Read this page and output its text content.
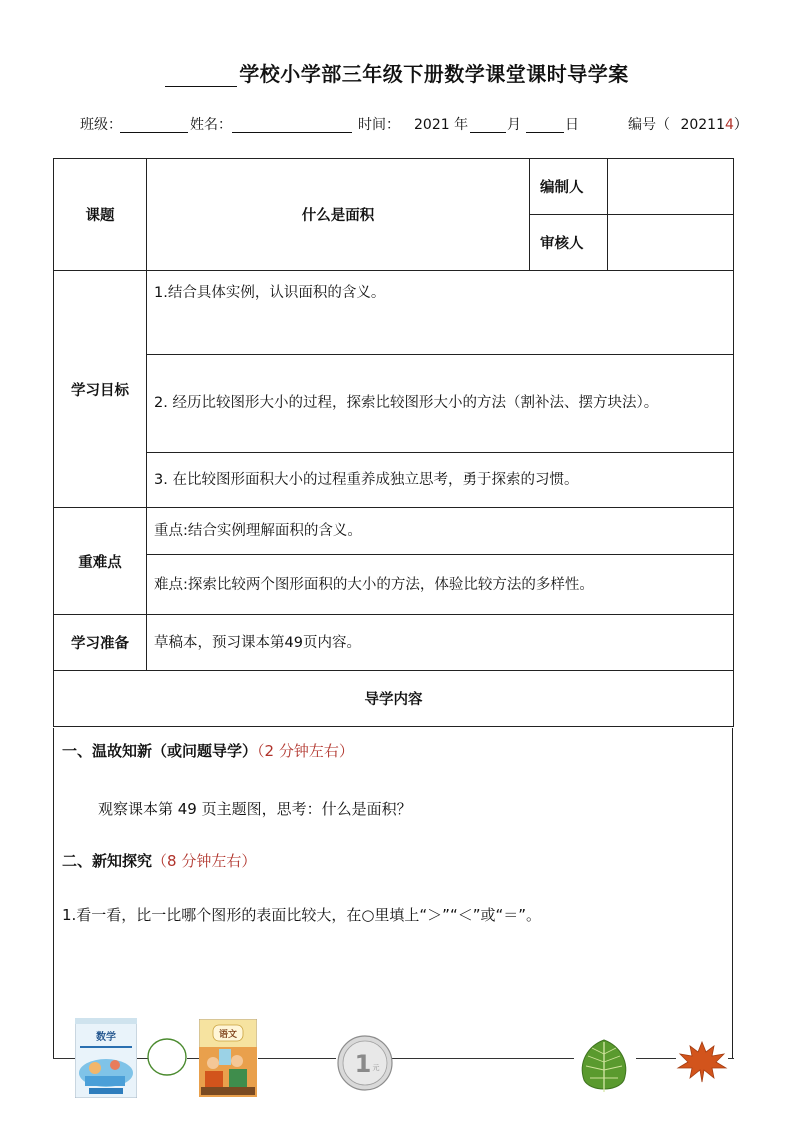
学校小学部三年级下册数学课堂课时导学案
班级：	姓名：	时间： 2021 年	月	日	编号（ 202114）
课题	什么是面积	编制人	
		审核人	
学习目标	1.结合具体实例，认识面积的含义。		
	2. 经历比较图形大小的过程，探索比较图形大小的方法（割补法、摆方块法）。		
	3. 在比较图形面积大小的过程重养成独立思考，勇于探索的习惯。		
重难点	重点:结合实例理解面积的含义。		
	难点:探索比较两个图形面积的大小的方法，体验比较方法的多样性。		
学习准备	草稿本，预习课本第49页内容。		
导学内容			
一、温故知新（或问题导学）（2 分钟左右）
观察课本第 49 页主题图，思考：什么是面积？
二、新知探究（8 分钟左右）
1.看一看，比一比哪个图形的表面比较大，在○里填上“＞”“＜”或“＝”。
数学	语文
1 元
